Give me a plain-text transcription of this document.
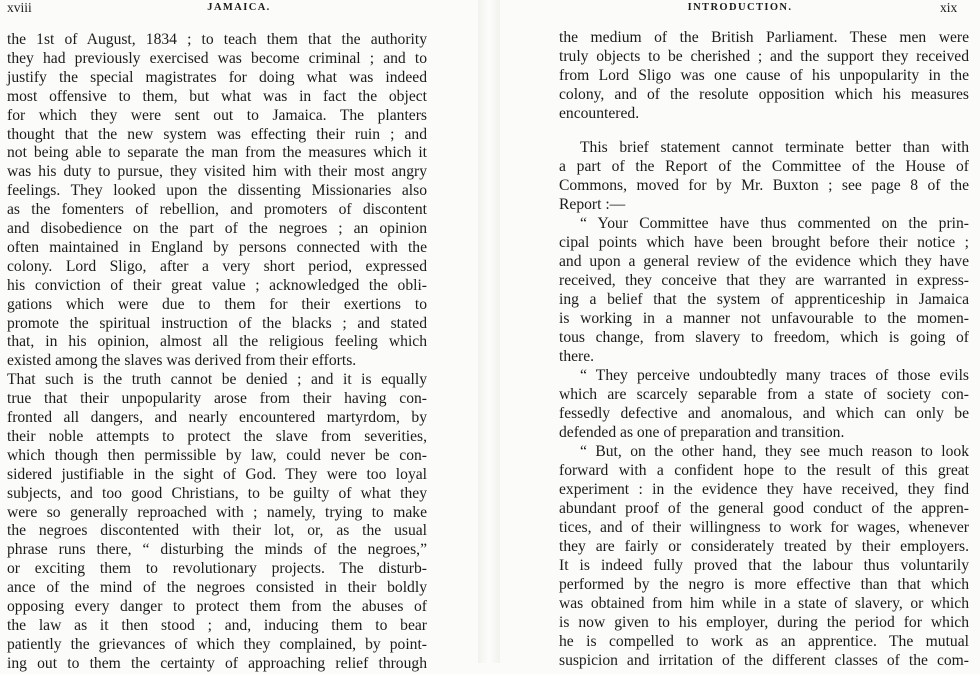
xviii	JAMAICA.
the 1st of August, 1834 ; to teach them that the authority
they had previously exercised was become criminal ; and to
justify the special magistrates for doing what was indeed
most offensive to them, but what was in fact the object
for which they were sent out to Jamaica. The planters
thought that the new system was effecting their ruin ; and
not being able to separate the man from the measures which it
was his duty to pursue, they visited him with their most angry
feelings. They looked upon the dissenting Missionaries also
as the fomenters of rebellion, and promoters of discontent
and disobedience on the part of the negroes ; an opinion
often maintained in England by persons connected with the
colony. Lord Sligo, after a very short period, expressed
his conviction of their great value ; acknowledged the obli-
gations which were due to them for their exertions to
promote the spiritual instruction of the blacks ; and stated
that, in his opinion, almost all the religious feeling which
existed among the slaves was derived from their efforts.
That such is the truth cannot be denied ; and it is equally
true that their unpopularity arose from their having con-
fronted all dangers, and nearly encountered martyrdom, by
their noble attempts to protect the slave from severities,
which though then permissible by law, could never be con-
sidered justifiable in the sight of God. They were too loyal
subjects, and too good Christians, to be guilty of what they
were so generally reproached with ; namely, trying to make
the negroes discontented with their lot, or, as the usual
phrase runs there, “ disturbing the minds of the negroes,”
or exciting them to revolutionary projects. The disturb-
ance of the mind of the negroes consisted in their boldly
opposing every danger to protect them from the abuses of
the law as it then stood ; and, inducing them to bear
patiently the grievances of which they complained, by point-
ing out to them the certainty of approaching relief through
INTRODUCTION.	xix
the medium of the British Parliament. These men were
truly objects to be cherished ; and the support they received
from Lord Sligo was one cause of his unpopularity in the
colony, and of the resolute opposition which his measures
encountered.
This brief statement cannot terminate better than with
a part of the Report of the Committee of the House of
Commons, moved for by Mr. Buxton ; see page 8 of the
Report :—
“ Your Committee have thus commented on the prin-
cipal points which have been brought before their notice ;
and upon a general review of the evidence which they have
received, they conceive that they are warranted in express-
ing a belief that the system of apprenticeship in Jamaica
is working in a manner not unfavourable to the momen-
tous change, from slavery to freedom, which is going of
there.
“ They perceive undoubtedly many traces of those evils
which are scarcely separable from a state of society con-
fessedly defective and anomalous, and which can only be
defended as one of preparation and transition.
“ But, on the other hand, they see much reason to look
forward with a confident hope to the result of this great
experiment : in the evidence they have received, they find
abundant proof of the general good conduct of the appren-
tices, and of their willingness to work for wages, whenever
they are fairly or considerately treated by their employers.
It is indeed fully proved that the labour thus voluntarily
performed by the negro is more effective than that which
was obtained from him while in a state of slavery, or which
is now given to his employer, during the period for which
he is compelled to work as an apprentice. The mutual
suspicion and irritation of the different classes of the com-
